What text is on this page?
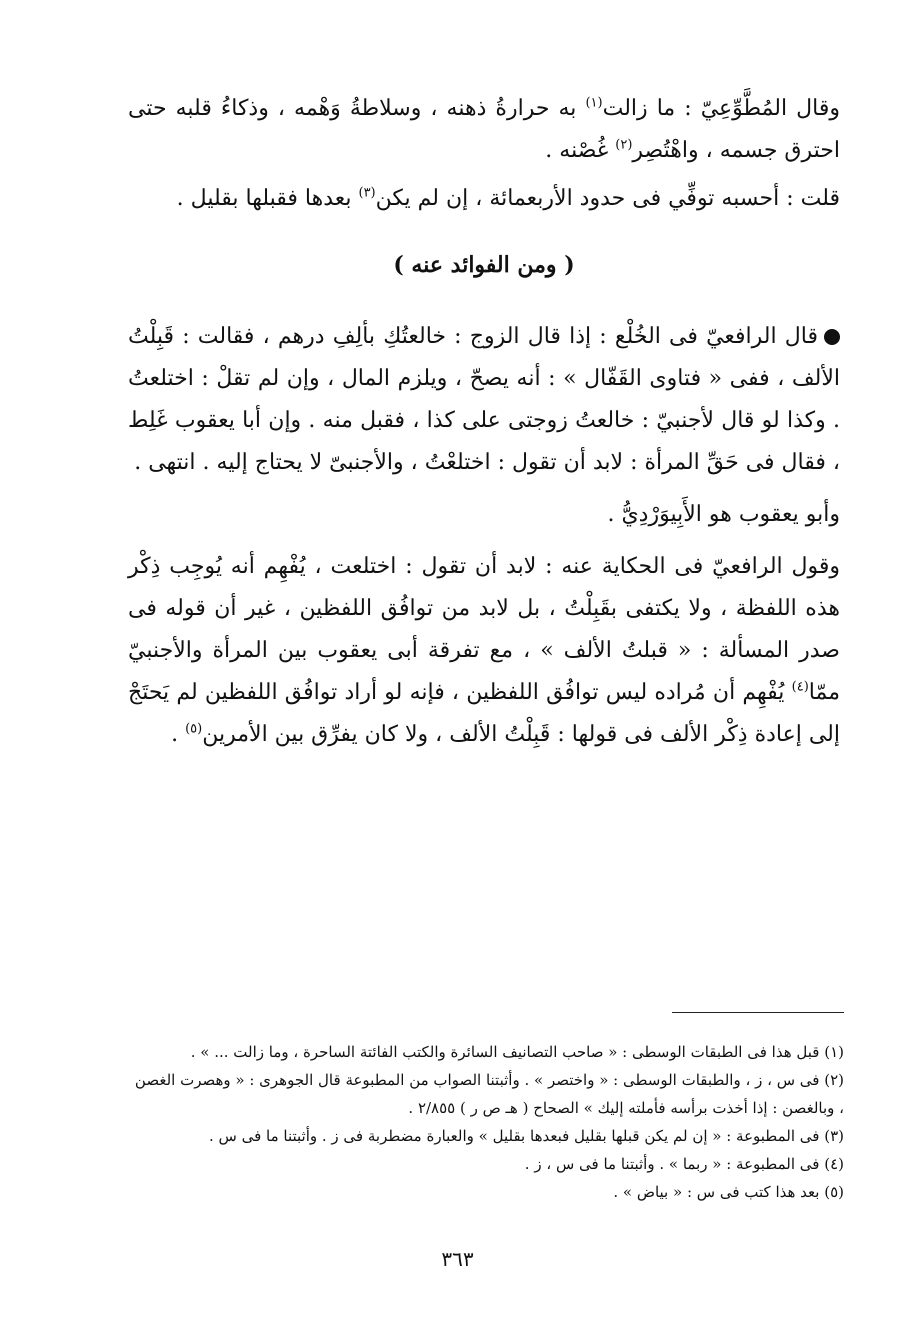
وقال المُطَّوِّعِيّ : ما زالت$^{(١)}$ به حرارةُ ذهنه ، وسلاطةُ وَهْمه ، وذكاءُ قلبه حتى احترق جسمه ، واهْتُصِر$^{(٢)}$ غُصْنه .

قلت : أحسبه توفِّي فى حدود الأربعمائة ، إن لم يكن$^{(٣)}$ بعدها فقبلها بقليل .

( ومن الفوائد عنه )

قال الرافعيّ فى الخُلْع : إذا قال الزوج : خالعتُكِ بألِفِ درهم ، فقالت : قَبِلْتُ الألف ، ففى « فتاوى القَفّال » : أنه يصحّ ، ويلزم المال ، وإن لم تقلْ : اختلعتُ . وكذا لو قال لأجنبيّ : خالعتُ زوجتى على كذا ، فقبل منه . وإن أبا يعقوب غَلِط ، فقال فى حَقِّ المرأة : لابد أن تقول : اختلعْتُ ، والأجنبىّ لا يحتاج إليه . انتهى .

وأبو يعقوب هو الأَبِيوَرْدِيُّ .

وقول الرافعيّ فى الحكاية عنه : لابد أن تقول : اختلعت ، يُفْهِم أنه يُوجِب ذِكْر هذه اللفظة ، ولا يكتفى بقَبِلْتُ ، بل لابد من توافُق اللفظين ، غير أن قوله فى صدر المسألة : « قبلتُ الألف » ، مع تفرقة أبى يعقوب بين المرأة والأجنبيّ ممّا$^{(٤)}$ يُفْهِم أن مُراده ليس توافُق اللفظين ، فإنه لو أراد توافُق اللفظين لم يَحتَجْ إلى إعادة ذِكْر الألف فى قولها : قَبِلْتُ الألف ، ولا كان يفرِّق بين الأمرين$^{(٥)}$ .

(١) قبل هذا فى الطبقات الوسطى : « صاحب التصانيف السائرة والكتب الفائتة الساحرة ، وما زالت ... » .

(٢) فى س ، ز ، والطبقات الوسطى : « واختصر » . وأثبتنا الصواب من المطبوعة قال الجوهرى : « وهصرت الغصن ، وبالغصن : إذا أخذت برأسه فأملته إليك » الصحاح ( هـ ص ر ) ٢/٨٥٥ .

(٣) فى المطبوعة : « إن لم يكن قبلها بقليل فبعدها بقليل » والعبارة مضطربة فى ز . وأثبتنا ما فى س .

(٤) فى المطبوعة : « ربما » . وأثبتنا ما فى س ، ز .

(٥) بعد هذا كتب فى س : « بياض » .

٣٦٣
